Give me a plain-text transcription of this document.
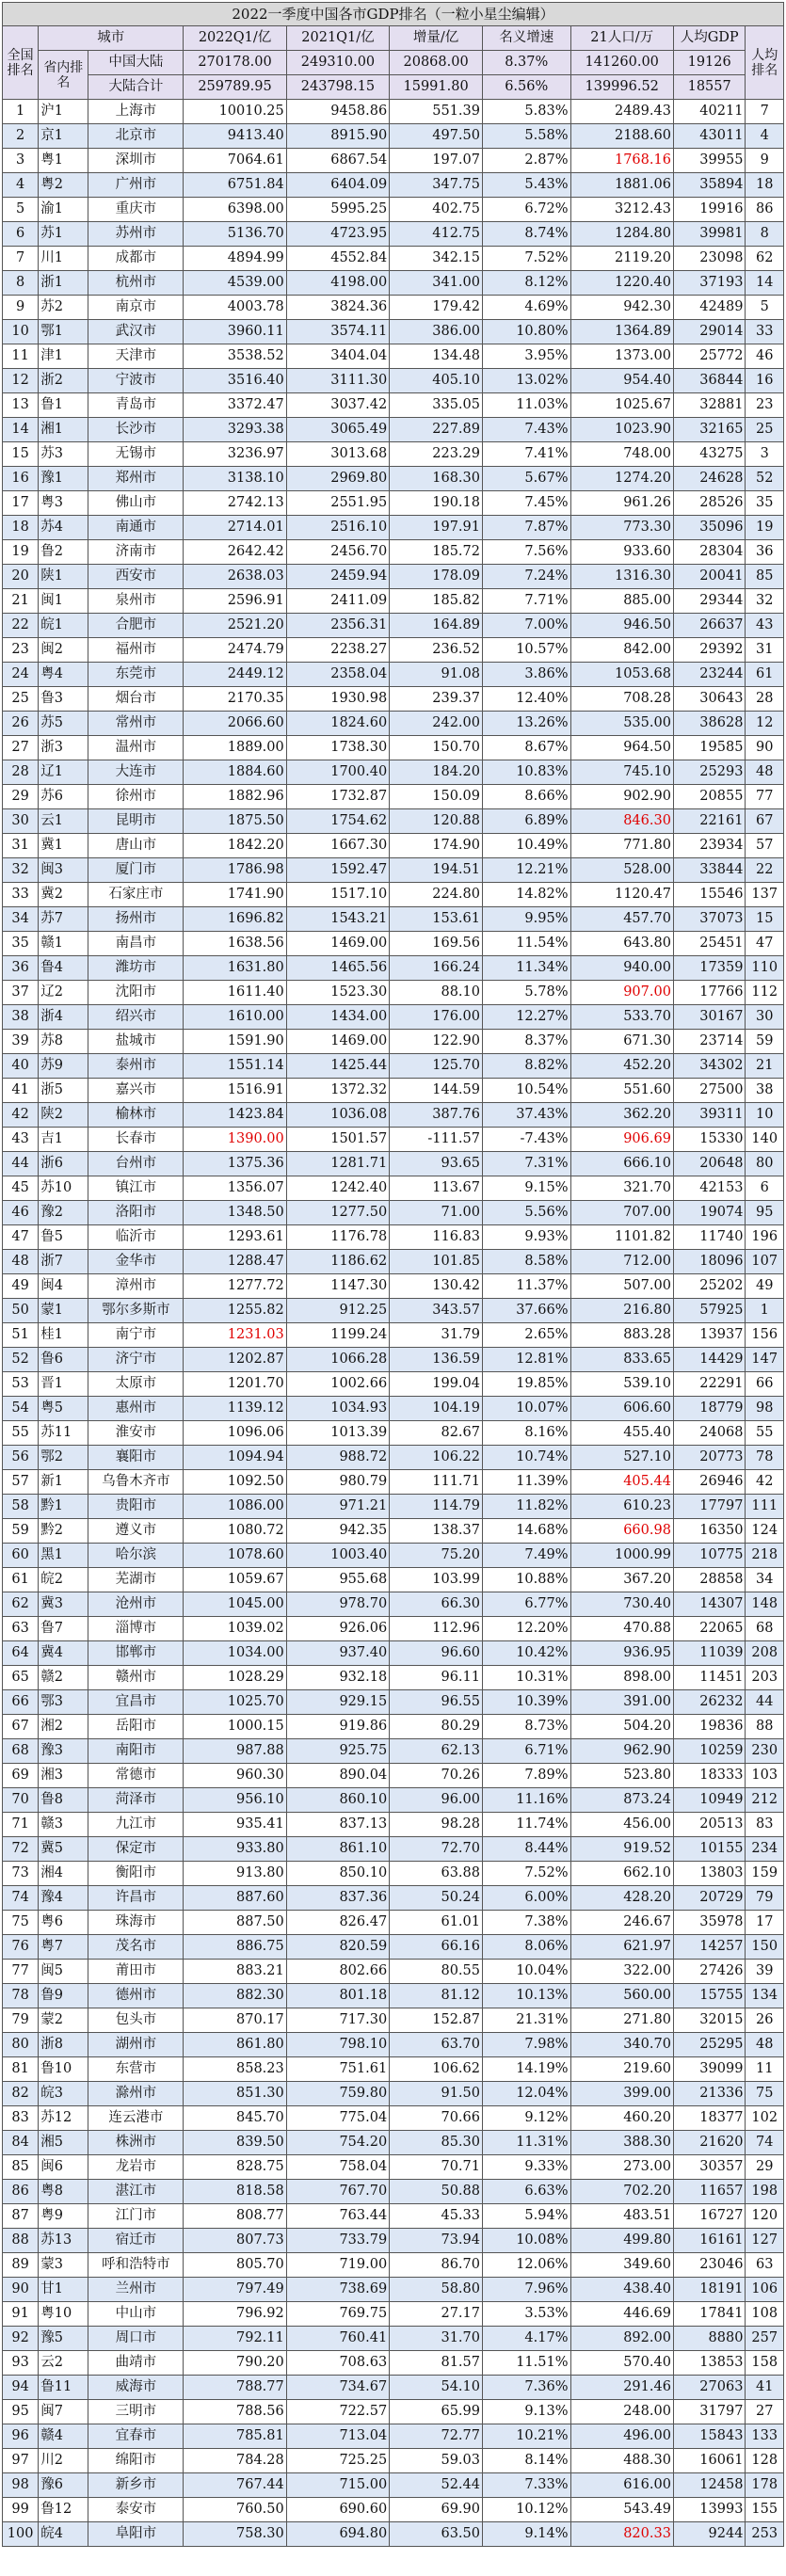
2022一季度中国各市GDP排名（一粒小星尘编辑）									
全国排名	城市		2022Q1/亿	2021Q1/亿	增量/亿	名义增速	21人口/万	人均GDP	人均排名
	省内排名	中国大陆	270178.00	249310.00	20868.00	8.37%	141260.00	19126	
		大陆合计	259789.95	243798.15	15991.80	6.56%	139996.52	18557	
1	沪1	上海市	10010.25	9458.86	551.39	5.83%	2489.43	40211	7
2	京1	北京市	9413.40	8915.90	497.50	5.58%	2188.60	43011	4
3	粤1	深圳市	7064.61	6867.54	197.07	2.87%	1768.16	39955	9
4	粤2	广州市	6751.84	6404.09	347.75	5.43%	1881.06	35894	18
5	渝1	重庆市	6398.00	5995.25	402.75	6.72%	3212.43	19916	86
6	苏1	苏州市	5136.70	4723.95	412.75	8.74%	1284.80	39981	8
7	川1	成都市	4894.99	4552.84	342.15	7.52%	2119.20	23098	62
8	浙1	杭州市	4539.00	4198.00	341.00	8.12%	1220.40	37193	14
9	苏2	南京市	4003.78	3824.36	179.42	4.69%	942.30	42489	5
10	鄂1	武汉市	3960.11	3574.11	386.00	10.80%	1364.89	29014	33
11	津1	天津市	3538.52	3404.04	134.48	3.95%	1373.00	25772	46
12	浙2	宁波市	3516.40	3111.30	405.10	13.02%	954.40	36844	16
13	鲁1	青岛市	3372.47	3037.42	335.05	11.03%	1025.67	32881	23
14	湘1	长沙市	3293.38	3065.49	227.89	7.43%	1023.90	32165	25
15	苏3	无锡市	3236.97	3013.68	223.29	7.41%	748.00	43275	3
16	豫1	郑州市	3138.10	2969.80	168.30	5.67%	1274.20	24628	52
17	粤3	佛山市	2742.13	2551.95	190.18	7.45%	961.26	28526	35
18	苏4	南通市	2714.01	2516.10	197.91	7.87%	773.30	35096	19
19	鲁2	济南市	2642.42	2456.70	185.72	7.56%	933.60	28304	36
20	陕1	西安市	2638.03	2459.94	178.09	7.24%	1316.30	20041	85
21	闽1	泉州市	2596.91	2411.09	185.82	7.71%	885.00	29344	32
22	皖1	合肥市	2521.20	2356.31	164.89	7.00%	946.50	26637	43
23	闽2	福州市	2474.79	2238.27	236.52	10.57%	842.00	29392	31
24	粤4	东莞市	2449.12	2358.04	91.08	3.86%	1053.68	23244	61
25	鲁3	烟台市	2170.35	1930.98	239.37	12.40%	708.28	30643	28
26	苏5	常州市	2066.60	1824.60	242.00	13.26%	535.00	38628	12
27	浙3	温州市	1889.00	1738.30	150.70	8.67%	964.50	19585	90
28	辽1	大连市	1884.60	1700.40	184.20	10.83%	745.10	25293	48
29	苏6	徐州市	1882.96	1732.87	150.09	8.66%	902.90	20855	77
30	云1	昆明市	1875.50	1754.62	120.88	6.89%	846.30	22161	67
31	冀1	唐山市	1842.20	1667.30	174.90	10.49%	771.80	23934	57
32	闽3	厦门市	1786.98	1592.47	194.51	12.21%	528.00	33844	22
33	冀2	石家庄市	1741.90	1517.10	224.80	14.82%	1120.47	15546	137
34	苏7	扬州市	1696.82	1543.21	153.61	9.95%	457.70	37073	15
35	赣1	南昌市	1638.56	1469.00	169.56	11.54%	643.80	25451	47
36	鲁4	潍坊市	1631.80	1465.56	166.24	11.34%	940.00	17359	110
37	辽2	沈阳市	1611.40	1523.30	88.10	5.78%	907.00	17766	112
38	浙4	绍兴市	1610.00	1434.00	176.00	12.27%	533.70	30167	30
39	苏8	盐城市	1591.90	1469.00	122.90	8.37%	671.30	23714	59
40	苏9	泰州市	1551.14	1425.44	125.70	8.82%	452.20	34302	21
41	浙5	嘉兴市	1516.91	1372.32	144.59	10.54%	551.60	27500	38
42	陕2	榆林市	1423.84	1036.08	387.76	37.43%	362.20	39311	10
43	吉1	长春市	1390.00	1501.57	-111.57	-7.43%	906.69	15330	140
44	浙6	台州市	1375.36	1281.71	93.65	7.31%	666.10	20648	80
45	苏10	镇江市	1356.07	1242.40	113.67	9.15%	321.70	42153	6
46	豫2	洛阳市	1348.50	1277.50	71.00	5.56%	707.00	19074	95
47	鲁5	临沂市	1293.61	1176.78	116.83	9.93%	1101.82	11740	196
48	浙7	金华市	1288.47	1186.62	101.85	8.58%	712.00	18096	107
49	闽4	漳州市	1277.72	1147.30	130.42	11.37%	507.00	25202	49
50	蒙1	鄂尔多斯市	1255.82	912.25	343.57	37.66%	216.80	57925	1
51	桂1	南宁市	1231.03	1199.24	31.79	2.65%	883.28	13937	156
52	鲁6	济宁市	1202.87	1066.28	136.59	12.81%	833.65	14429	147
53	晋1	太原市	1201.70	1002.66	199.04	19.85%	539.10	22291	66
54	粤5	惠州市	1139.12	1034.93	104.19	10.07%	606.60	18779	98
55	苏11	淮安市	1096.06	1013.39	82.67	8.16%	455.40	24068	55
56	鄂2	襄阳市	1094.94	988.72	106.22	10.74%	527.10	20773	78
57	新1	乌鲁木齐市	1092.50	980.79	111.71	11.39%	405.44	26946	42
58	黔1	贵阳市	1086.00	971.21	114.79	11.82%	610.23	17797	111
59	黔2	遵义市	1080.72	942.35	138.37	14.68%	660.98	16350	124
60	黑1	哈尔滨	1078.60	1003.40	75.20	7.49%	1000.99	10775	218
61	皖2	芜湖市	1059.67	955.68	103.99	10.88%	367.20	28858	34
62	冀3	沧州市	1045.00	978.70	66.30	6.77%	730.40	14307	148
63	鲁7	淄博市	1039.02	926.06	112.96	12.20%	470.88	22065	68
64	冀4	邯郸市	1034.00	937.40	96.60	10.42%	936.95	11039	208
65	赣2	赣州市	1028.29	932.18	96.11	10.31%	898.00	11451	203
66	鄂3	宜昌市	1025.70	929.15	96.55	10.39%	391.00	26232	44
67	湘2	岳阳市	1000.15	919.86	80.29	8.73%	504.20	19836	88
68	豫3	南阳市	987.88	925.75	62.13	6.71%	962.90	10259	230
69	湘3	常德市	960.30	890.04	70.26	7.89%	523.80	18333	103
70	鲁8	菏泽市	956.10	860.10	96.00	11.16%	873.24	10949	212
71	赣3	九江市	935.41	837.13	98.28	11.74%	456.00	20513	83
72	冀5	保定市	933.80	861.10	72.70	8.44%	919.52	10155	234
73	湘4	衡阳市	913.80	850.10	63.88	7.52%	662.10	13803	159
74	豫4	许昌市	887.60	837.36	50.24	6.00%	428.20	20729	79
75	粤6	珠海市	887.50	826.47	61.01	7.38%	246.67	35978	17
76	粤7	茂名市	886.75	820.59	66.16	8.06%	621.97	14257	150
77	闽5	莆田市	883.21	802.66	80.55	10.04%	322.00	27426	39
78	鲁9	德州市	882.30	801.18	81.12	10.13%	560.00	15755	134
79	蒙2	包头市	870.17	717.30	152.87	21.31%	271.80	32015	26
80	浙8	湖州市	861.80	798.10	63.70	7.98%	340.70	25295	48
81	鲁10	东营市	858.23	751.61	106.62	14.19%	219.60	39099	11
82	皖3	滁州市	851.30	759.80	91.50	12.04%	399.00	21336	75
83	苏12	连云港市	845.70	775.04	70.66	9.12%	460.20	18377	102
84	湘5	株洲市	839.50	754.20	85.30	11.31%	388.30	21620	74
85	闽6	龙岩市	828.75	758.04	70.71	9.33%	273.00	30357	29
86	粤8	湛江市	818.58	767.70	50.88	6.63%	702.20	11657	198
87	粤9	江门市	808.77	763.44	45.33	5.94%	483.51	16727	120
88	苏13	宿迁市	807.73	733.79	73.94	10.08%	499.80	16161	127
89	蒙3	呼和浩特市	805.70	719.00	86.70	12.06%	349.60	23046	63
90	甘1	兰州市	797.49	738.69	58.80	7.96%	438.40	18191	106
91	粤10	中山市	796.92	769.75	27.17	3.53%	446.69	17841	108
92	豫5	周口市	792.11	760.41	31.70	4.17%	892.00	8880	257
93	云2	曲靖市	790.20	708.63	81.57	11.51%	570.40	13853	158
94	鲁11	威海市	788.77	734.67	54.10	7.36%	291.46	27063	41
95	闽7	三明市	788.56	722.57	65.99	9.13%	248.00	31797	27
96	赣4	宜春市	785.81	713.04	72.77	10.21%	496.00	15843	133
97	川2	绵阳市	784.28	725.25	59.03	8.14%	488.30	16061	128
98	豫6	新乡市	767.44	715.00	52.44	7.33%	616.00	12458	178
99	鲁12	泰安市	760.50	690.60	69.90	10.12%	543.49	13993	155
100	皖4	阜阳市	758.30	694.80	63.50	9.14%	820.33	9244	253
